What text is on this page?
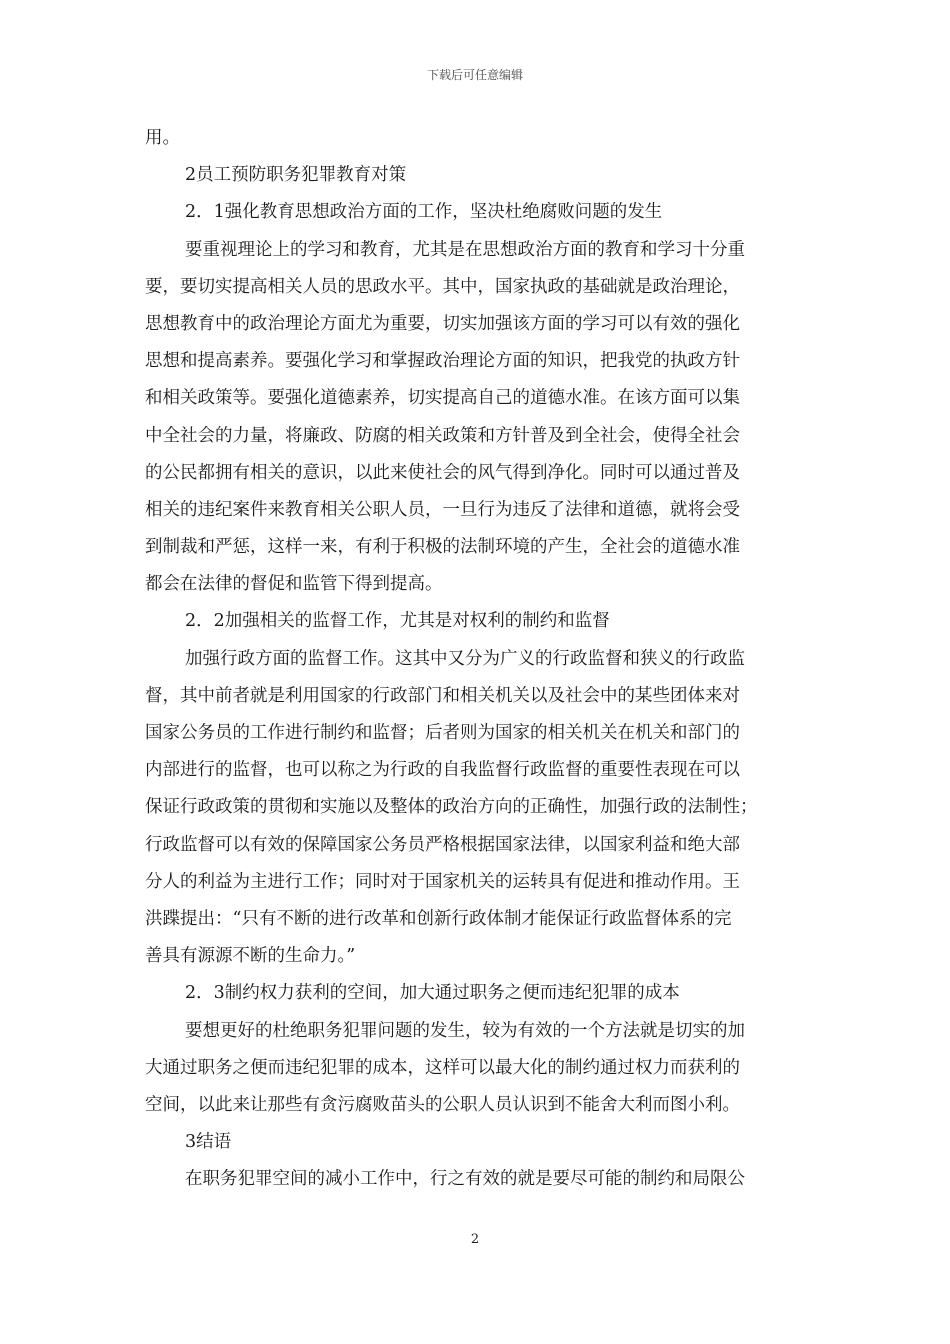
下载后可任意编辑
用。
2员工预防职务犯罪教育对策
2．1强化教育思想政治方面的工作，坚决杜绝腐败问题的发生
要重视理论上的学习和教育，尤其是在思想政治方面的教育和学习十分重
要，要切实提高相关人员的思政水平。其中，国家执政的基础就是政治理论，
思想教育中的政治理论方面尤为重要，切实加强该方面的学习可以有效的强化
思想和提高素养。要强化学习和掌握政治理论方面的知识，把我党的执政方针
和相关政策等。要强化道德素养，切实提高自己的道德水准。在该方面可以集
中全社会的力量，将廉政、防腐的相关政策和方针普及到全社会，使得全社会
的公民都拥有相关的意识，以此来使社会的风气得到净化。同时可以通过普及
相关的违纪案件来教育相关公职人员，一旦行为违反了法律和道德，就将会受
到制裁和严惩，这样一来，有利于积极的法制环境的产生，全社会的道德水准
都会在法律的督促和监管下得到提高。
2．2加强相关的监督工作，尤其是对权利的制约和监督
加强行政方面的监督工作。这其中又分为广义的行政监督和狭义的行政监
督，其中前者就是利用国家的行政部门和相关机关以及社会中的某些团体来对
国家公务员的工作进行制约和监督；后者则为国家的相关机关在机关和部门的
内部进行的监督，也可以称之为行政的自我监督行政监督的重要性表现在可以
保证行政政策的贯彻和实施以及整体的政治方向的正确性，加强行政的法制性；
行政监督可以有效的保障国家公务员严格根据国家法律，以国家利益和绝大部
分人的利益为主进行工作；同时对于国家机关的运转具有促进和推动作用。王
洪蹀提出：“只有不断的进行改革和创新行政体制才能保证行政监督体系的完
善具有源源不断的生命力。”
2．3制约权力获利的空间，加大通过职务之便而违纪犯罪的成本
要想更好的杜绝职务犯罪问题的发生，较为有效的一个方法就是切实的加
大通过职务之便而违纪犯罪的成本，这样可以最大化的制约通过权力而获利的
空间，以此来让那些有贪污腐败苗头的公职人员认识到不能舍大利而图小利。
3结语
在职务犯罪空间的减小工作中，行之有效的就是要尽可能的制约和局限公
2
